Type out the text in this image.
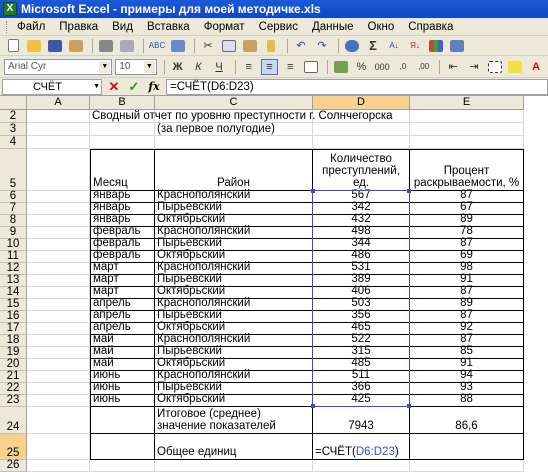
X Microsoft Excel - примеры для моей методичке.xls
Файл Правка Вид Вставка Формат Сервис Данные Окно Справка
ABC	✂	↶	↷	Σ	А↓	Я↓
Arial Cyr	▼ 10 ▼	Ж	К	Ч	≡	≡	≡	% 000	,0	,00	⇤	⇥	A
СЧЁТ	▼ ✕ ✓ fx =СЧЁТ(D6:D23)
A	B	C	D	E
2
3
4
5
6
7
8
9
10
11
12
13
14
15
16
17
18
19
20
21
22
23
24
25
26
Сводный отчет по уровню преступности г. Солнчегорска
(за первое полугодие)
Месяц	Район
Количество преступлений, ед.
Процент раскрываемости, %
январь	Краснополянский	567	87
январь	Пырьевский	342	67
январь	Октябрьский	432	89
февраль	Краснополянский	498	78
февраль	Пырьевский	344	87
февраль	Октябрьский	486	69
март	Краснополянский	531	98
март	Пырьевский	389	91
март	Октябрьский	406	87
апрель	Краснополянский	503	89
апрель	Пырьевский	356	87
апрель	Октябрьский	465	92
май	Краснополянский	522	87
май	Пырьевский	315	85
май	Октябрьский	485	91
июнь	Краснополянский	511	94
июнь	Пырьевский	366	93
июнь	Октябрьский	425	88
Итоговое (среднее) значение показателей	7943	86,6
Общее единиц	=СЧЁТ( D6:D23 )
